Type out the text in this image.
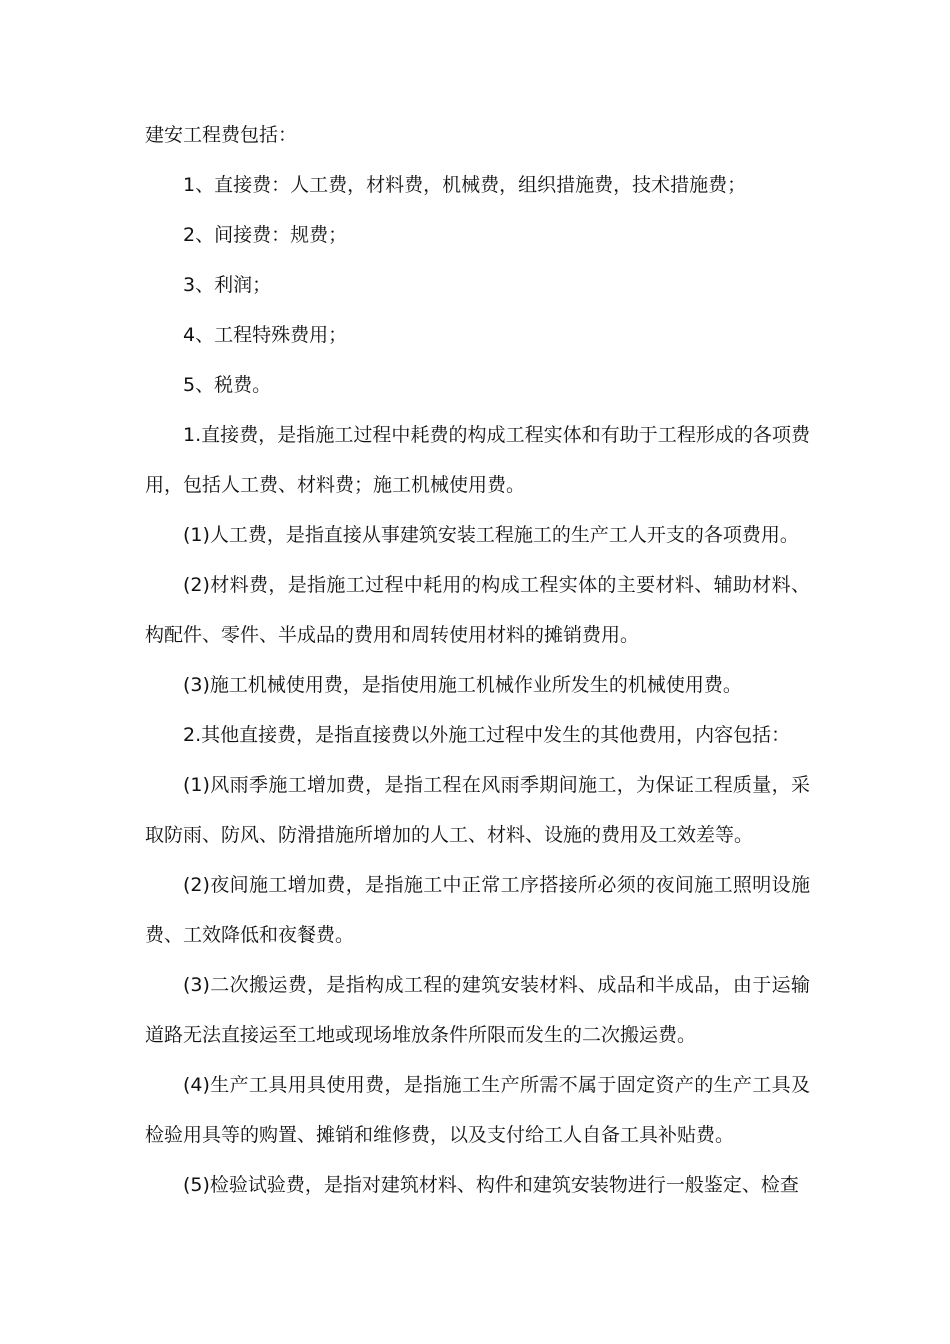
建安工程费包括：

1、直接费：人工费，材料费，机械费，组织措施费，技术措施费；

2、间接费：规费；

3、利润；

4、工程特殊费用；

5、税费。

1.直接费，是指施工过程中耗费的构成工程实体和有助于工程形成的各项费用，包括人工费、材料费；施工机械使用费。

(1)人工费，是指直接从事建筑安装工程施工的生产工人开支的各项费用。

(2)材料费，是指施工过程中耗用的构成工程实体的主要材料、辅助材料、构配件、零件、半成品的费用和周转使用材料的摊销费用。

(3)施工机械使用费，是指使用施工机械作业所发生的机械使用费。

2.其他直接费，是指直接费以外施工过程中发生的其他费用，内容包括：

(1)风雨季施工增加费，是指工程在风雨季期间施工，为保证工程质量，采取防雨、防风、防滑措施所增加的人工、材料、设施的费用及工效差等。

(2)夜间施工增加费，是指施工中正常工序搭接所必须的夜间施工照明设施费、工效降低和夜餐费。

(3)二次搬运费，是指构成工程的建筑安装材料、成品和半成品，由于运输道路无法直接运至工地或现场堆放条件所限而发生的二次搬运费。

(4)生产工具用具使用费，是指施工生产所需不属于固定资产的生产工具及检验用具等的购置、摊销和维修费，以及支付给工人自备工具补贴费。

(5)检验试验费，是指对建筑材料、构件和建筑安装物进行一般鉴定、检查
